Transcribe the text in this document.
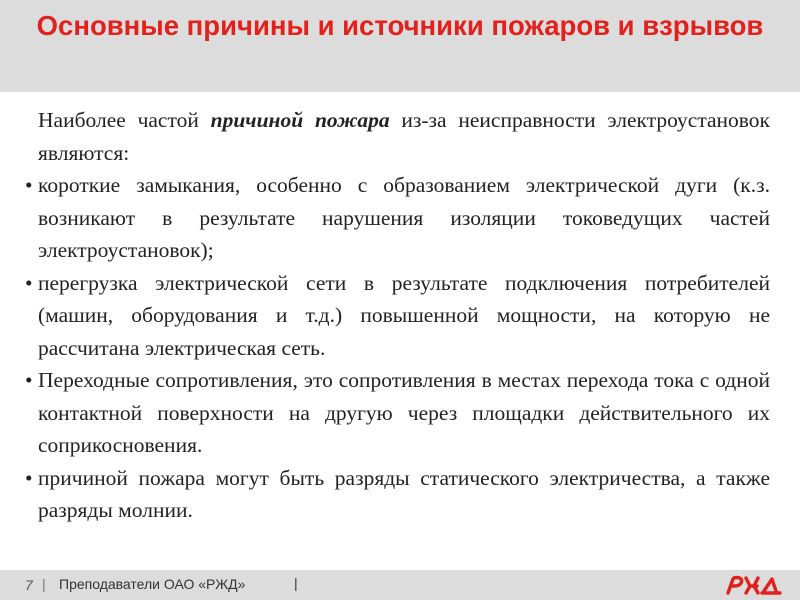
Основные причины и источники пожаров и взрывов

Наиболее частой причиной пожара из-за неисправности электроустановок являются:

• короткие замыкания, особенно с образованием электрической дуги (к.з. возникают в результате нарушения изоляции токоведущих частей электроустановок);
• перегрузка электрической сети в результате подключения потребителей (машин, оборудования и т.д.) повышенной мощности, на которую не рассчитана электрическая сеть.
• Переходные сопротивления, это сопротивления в местах перехода тока с одной контактной поверхности на другую через площадки действительного их соприкосновения.
• причиной пожара могут быть разряды статического электричества, а также разряды молнии.
7 | Преподаватели ОАО «РЖД»	|
